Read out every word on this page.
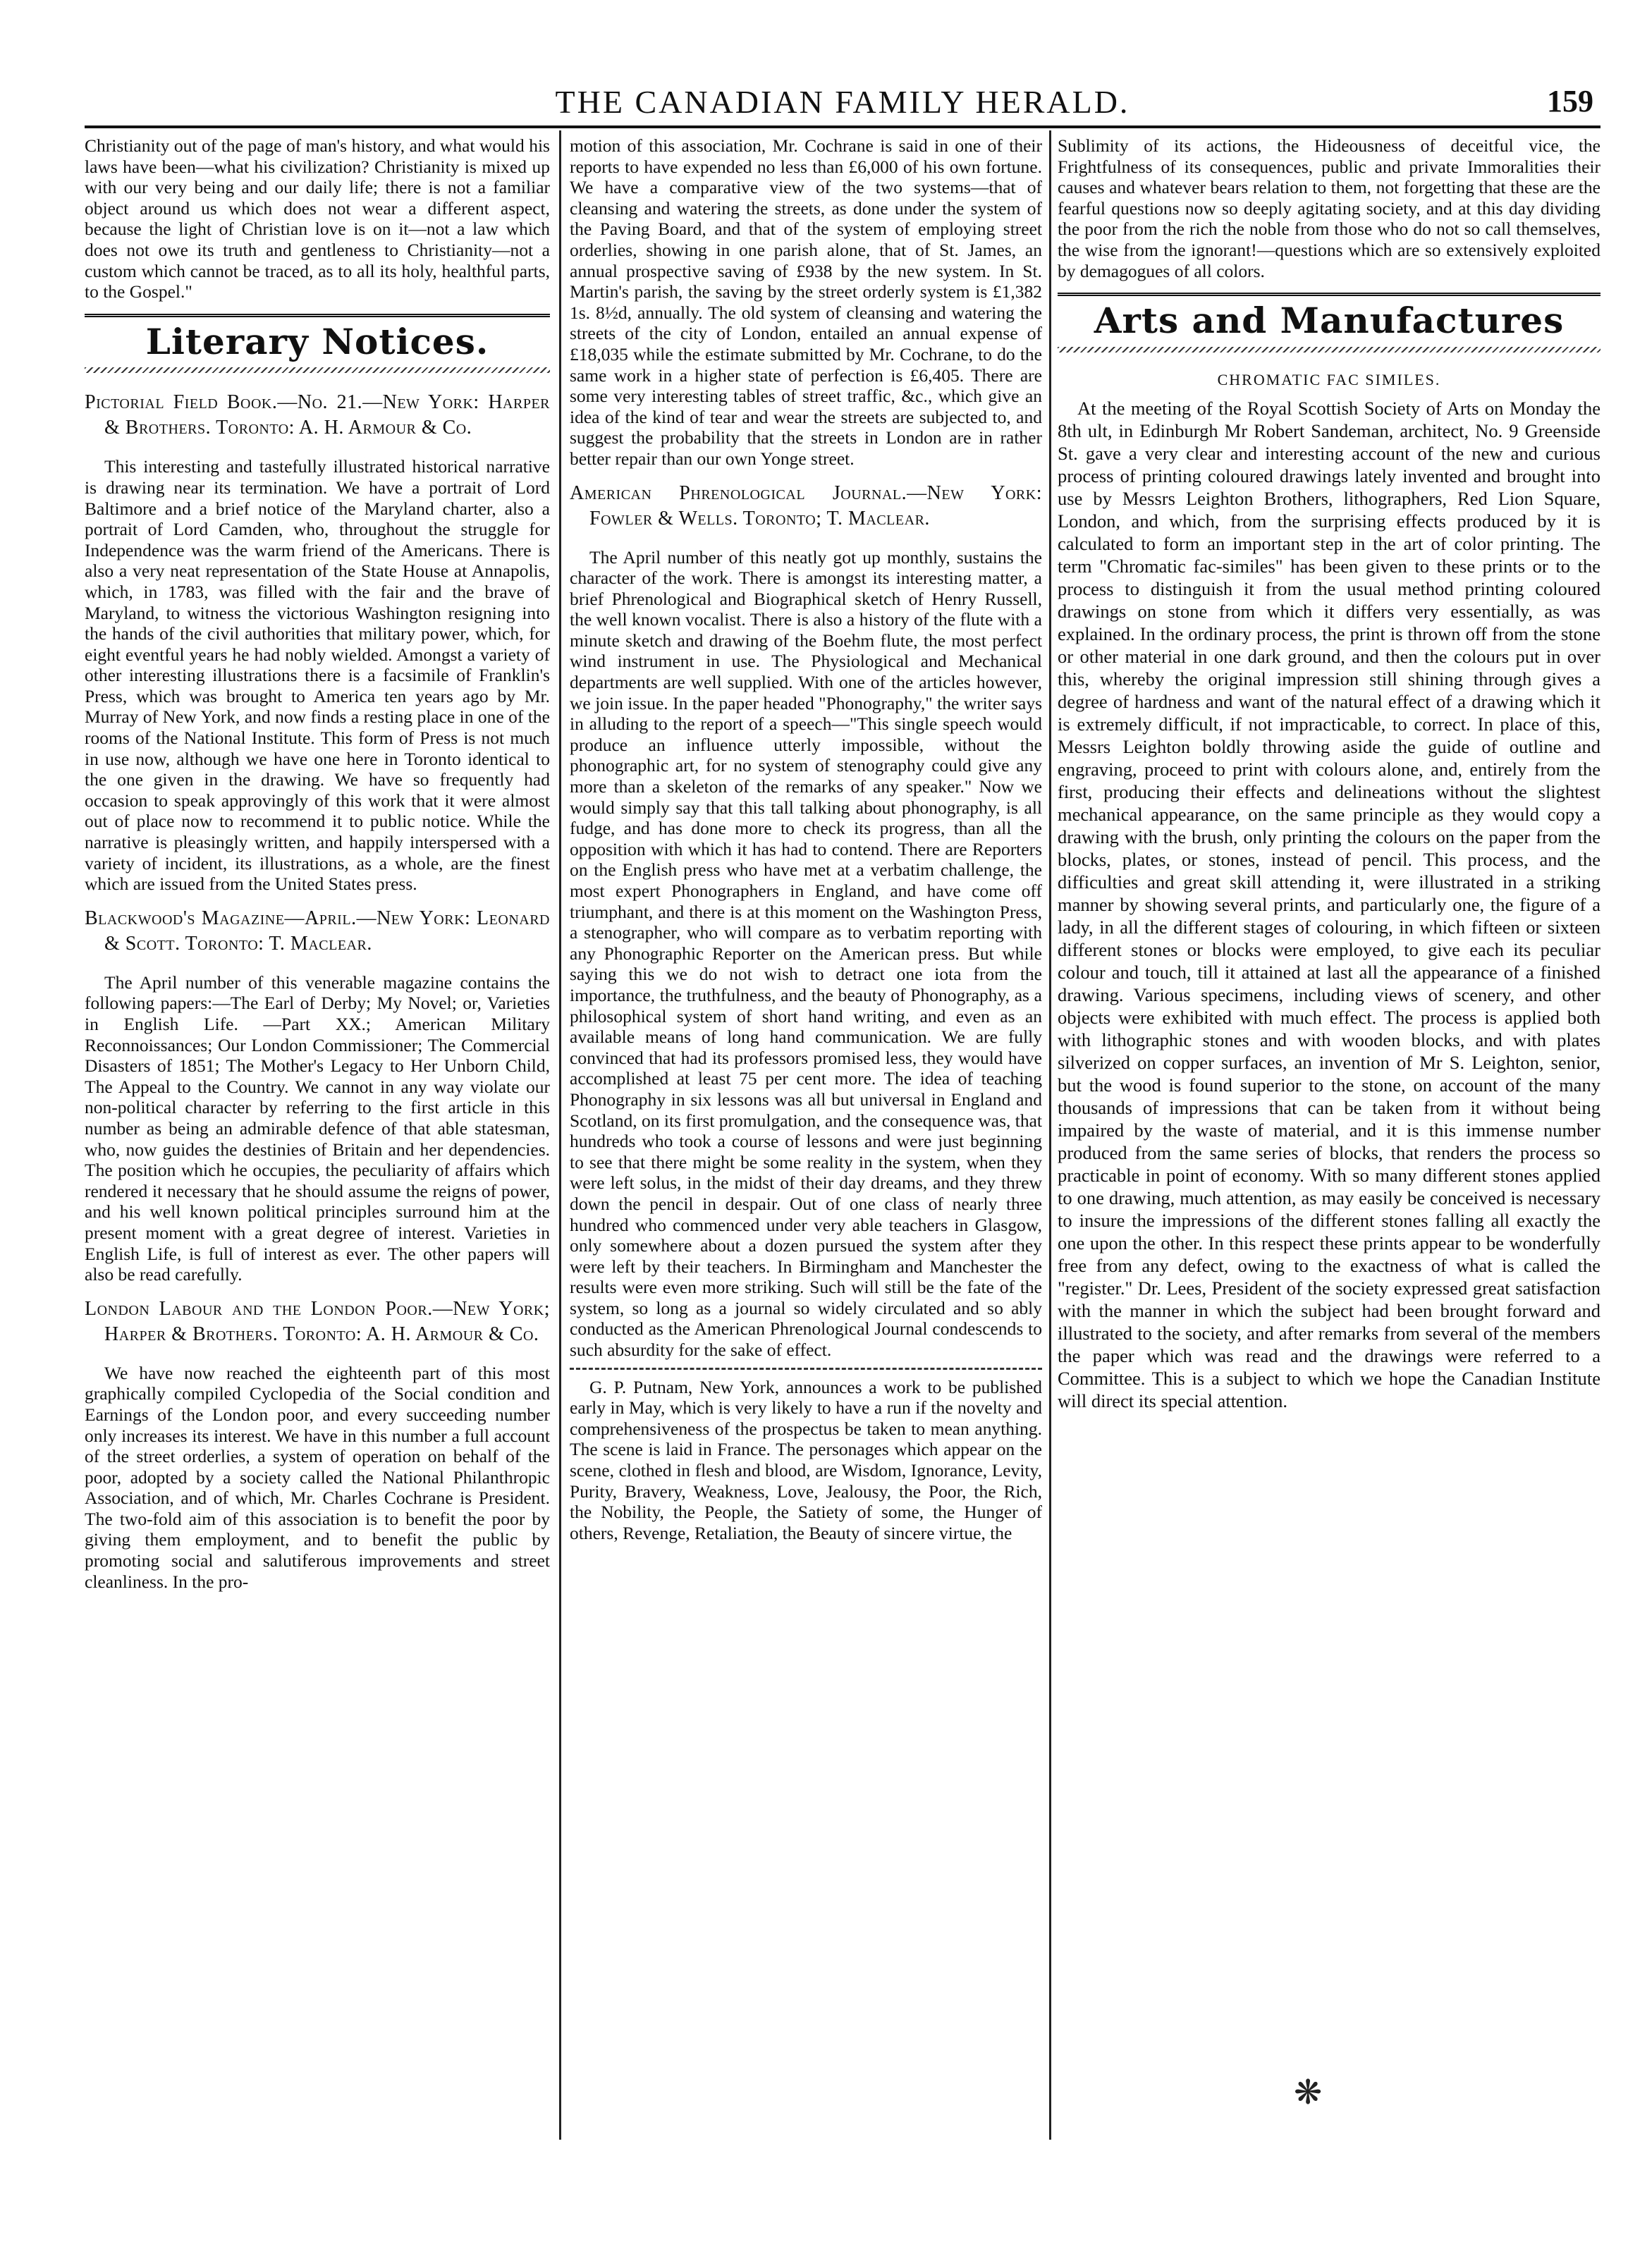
THE CANADIAN FAMILY HERALD.	159

Christianity out of the page of man's history, and what would his laws have been—what his civilization? Christianity is mixed up with our very being and our daily life; there is not a familiar object around us which does not wear a different aspect, because the light of Christian love is on it—not a law which does not owe its truth and gentleness to Christianity—not a custom which cannot be traced, as to all its holy, healthful parts, to the Gospel."

Literary Notices.
Pictorial Field Book.—No. 21.—New York: Harper & Brothers. Toronto: A. H. Armour & Co.

This interesting and tastefully illustrated historical narrative is drawing near its termination. We have a portrait of Lord Baltimore and a brief notice of the Maryland charter, also a portrait of Lord Camden, who, throughout the struggle for Independence was the warm friend of the Americans. There is also a very neat representation of the State House at Annapolis, which, in 1783, was filled with the fair and the brave of Maryland, to witness the victorious Washington resigning into the hands of the civil authorities that military power, which, for eight eventful years he had nobly wielded. Amongst a variety of other interesting illustrations there is a facsimile of Franklin's Press, which was brought to America ten years ago by Mr. Murray of New York, and now finds a resting place in one of the rooms of the National Institute. This form of Press is not much in use now, although we have one here in Toronto identical to the one given in the drawing. We have so frequently had occasion to speak approvingly of this work that it were almost out of place now to recommend it to public notice. While the narrative is pleasingly written, and happily interspersed with a variety of incident, its illustrations, as a whole, are the finest which are issued from the United States press.

Blackwood's Magazine—April.—New York: Leonard & Scott. Toronto: T. Maclear.

The April number of this venerable magazine contains the following papers:—The Earl of Derby; My Novel; or, Varieties in English Life. —Part XX.; American Military Reconnoissances; Our London Commissioner; The Commercial Disasters of 1851; The Mother's Legacy to Her Unborn Child, The Appeal to the Country. We cannot in any way violate our non-political character by referring to the first article in this number as being an admirable defence of that able statesman, who, now guides the destinies of Britain and her dependencies. The position which he occupies, the peculiarity of affairs which rendered it necessary that he should assume the reigns of power, and his well known political principles surround him at the present moment with a great degree of interest. Varieties in English Life, is full of interest as ever. The other papers will also be read carefully.

London Labour and the London Poor.—New York; Harper & Brothers. Toronto: A. H. Armour & Co.

We have now reached the eighteenth part of this most graphically compiled Cyclopedia of the Social condition and Earnings of the London poor, and every succeeding number only increases its interest. We have in this number a full account of the street orderlies, a system of operation on behalf of the poor, adopted by a society called the National Philanthropic Association, and of which, Mr. Charles Cochrane is President. The two-fold aim of this association is to benefit the poor by giving them employment, and to benefit the public by promoting social and salutiferous improvements and street cleanliness. In the pro-

motion of this association, Mr. Cochrane is said in one of their reports to have expended no less than £6,000 of his own fortune. We have a comparative view of the two systems—that of cleansing and watering the streets, as done under the system of the Paving Board, and that of the system of employing street orderlies, showing in one parish alone, that of St. James, an annual prospective saving of £938 by the new system. In St. Martin's parish, the saving by the street orderly system is £1,382 1s. 8½d, annually. The old system of cleansing and watering the streets of the city of London, entailed an annual expense of £18,035 while the estimate submitted by Mr. Cochrane, to do the same work in a higher state of perfection is £6,405. There are some very interesting tables of street traffic, &c., which give an idea of the kind of tear and wear the streets are subjected to, and suggest the probability that the streets in London are in rather better repair than our own Yonge street.

American Phrenological Journal.—New York: Fowler & Wells. Toronto; T. Maclear.

The April number of this neatly got up monthly, sustains the character of the work. There is amongst its interesting matter, a brief Phrenological and Biographical sketch of Henry Russell, the well known vocalist. There is also a history of the flute with a minute sketch and drawing of the Boehm flute, the most perfect wind instrument in use. The Physiological and Mechanical departments are well supplied. With one of the articles however, we join issue. In the paper headed "Phonography," the writer says in alluding to the report of a speech—"This single speech would produce an influence utterly impossible, without the phonographic art, for no system of stenography could give any more than a skeleton of the remarks of any speaker." Now we would simply say that this tall talking about phonography, is all fudge, and has done more to check its progress, than all the opposition with which it has had to contend. There are Reporters on the English press who have met at a verbatim challenge, the most expert Phonographers in England, and have come off triumphant, and there is at this moment on the Washington Press, a stenographer, who will compare as to verbatim reporting with any Phonographic Reporter on the American press. But while saying this we do not wish to detract one iota from the importance, the truthfulness, and the beauty of Phonography, as a philosophical system of short hand writing, and even as an available means of long hand communication. We are fully convinced that had its professors promised less, they would have accomplished at least 75 per cent more. The idea of teaching Phonography in six lessons was all but universal in England and Scotland, on its first promulgation, and the consequence was, that hundreds who took a course of lessons and were just beginning to see that there might be some reality in the system, when they were left solus, in the midst of their day dreams, and they threw down the pencil in despair. Out of one class of nearly three hundred who commenced under very able teachers in Glasgow, only somewhere about a dozen pursued the system after they were left by their teachers. In Birmingham and Manchester the results were even more striking. Such will still be the fate of the system, so long as a journal so widely circulated and so ably conducted as the American Phrenological Journal condescends to such absurdity for the sake of effect.

G. P. Putnam, New York, announces a work to be published early in May, which is very likely to have a run if the novelty and comprehensiveness of the prospectus be taken to mean anything. The scene is laid in France. The personages which appear on the scene, clothed in flesh and blood, are Wisdom, Ignorance, Levity, Purity, Bravery, Weakness, Love, Jealousy, the Poor, the Rich, the Nobility, the People, the Satiety of some, the Hunger of others, Revenge, Retaliation, the Beauty of sincere virtue, the

Sublimity of its actions, the Hideousness of deceitful vice, the Frightfulness of its consequences, public and private Immoralities their causes and whatever bears relation to them, not forgetting that these are the fearful questions now so deeply agitating society, and at this day dividing the poor from the rich the noble from those who do not so call themselves, the wise from the ignorant!—questions which are so extensively exploited by demagogues of all colors.

Arts and Manufactures
CHROMATIC FAC SIMILES.

At the meeting of the Royal Scottish Society of Arts on Monday the 8th ult, in Edinburgh Mr Robert Sandeman, architect, No. 9 Greenside St. gave a very clear and interesting account of the new and curious process of printing coloured drawings lately invented and brought into use by Messrs Leighton Brothers, lithographers, Red Lion Square, London, and which, from the surprising effects produced by it is calculated to form an important step in the art of color printing. The term "Chromatic fac-similes" has been given to these prints or to the process to distinguish it from the usual method printing coloured drawings on stone from which it differs very essentially, as was explained. In the ordinary process, the print is thrown off from the stone or other material in one dark ground, and then the colours put in over this, whereby the original impression still shining through gives a degree of hardness and want of the natural effect of a drawing which it is extremely difficult, if not impracticable, to correct. In place of this, Messrs Leighton boldly throwing aside the guide of outline and engraving, proceed to print with colours alone, and, entirely from the first, producing their effects and delineations without the slightest mechanical appearance, on the same principle as they would copy a drawing with the brush, only printing the colours on the paper from the blocks, plates, or stones, instead of pencil. This process, and the difficulties and great skill attending it, were illustrated in a striking manner by showing several prints, and particularly one, the figure of a lady, in all the different stages of colouring, in which fifteen or sixteen different stones or blocks were employed, to give each its peculiar colour and touch, till it attained at last all the appearance of a finished drawing. Various specimens, including views of scenery, and other objects were exhibited with much effect. The process is applied both with lithographic stones and with wooden blocks, and with plates silverized on copper surfaces, an invention of Mr S. Leighton, senior, but the wood is found superior to the stone, on account of the many thousands of impressions that can be taken from it without being impaired by the waste of material, and it is this immense number produced from the same series of blocks, that renders the process so practicable in point of economy. With so many different stones applied to one drawing, much attention, as may easily be conceived is necessary to insure the impressions of the different stones falling all exactly the one upon the other. In this respect these prints appear to be wonderfully free from any defect, owing to the exactness of what is called the "register." Dr. Lees, President of the society expressed great satisfaction with the manner in which the subject had been brought forward and illustrated to the society, and after remarks from several of the members the paper which was read and the drawings were referred to a Committee. This is a subject to which we hope the Canadian Institute will direct its special attention.

❋
